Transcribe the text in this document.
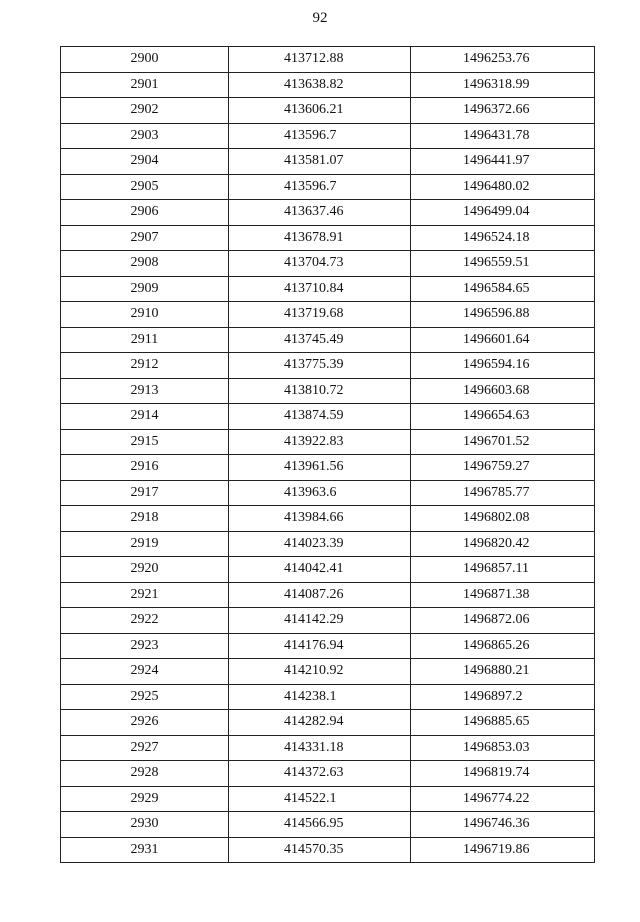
92
2900	413712.88	1496253.76
2901	413638.82	1496318.99
2902	413606.21	1496372.66
2903	413596.7	1496431.78
2904	413581.07	1496441.97
2905	413596.7	1496480.02
2906	413637.46	1496499.04
2907	413678.91	1496524.18
2908	413704.73	1496559.51
2909	413710.84	1496584.65
2910	413719.68	1496596.88
2911	413745.49	1496601.64
2912	413775.39	1496594.16
2913	413810.72	1496603.68
2914	413874.59	1496654.63
2915	413922.83	1496701.52
2916	413961.56	1496759.27
2917	413963.6	1496785.77
2918	413984.66	1496802.08
2919	414023.39	1496820.42
2920	414042.41	1496857.11
2921	414087.26	1496871.38
2922	414142.29	1496872.06
2923	414176.94	1496865.26
2924	414210.92	1496880.21
2925	414238.1	1496897.2
2926	414282.94	1496885.65
2927	414331.18	1496853.03
2928	414372.63	1496819.74
2929	414522.1	1496774.22
2930	414566.95	1496746.36
2931	414570.35	1496719.86
